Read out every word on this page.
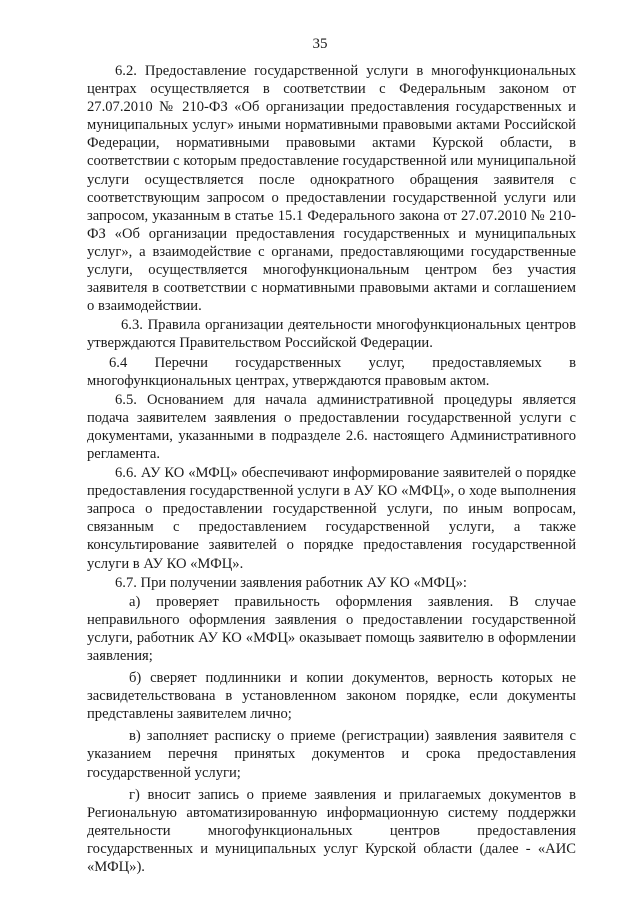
35

6.2. Предоставление государственной услуги в многофункциональных центрах осуществляется в соответствии с Федеральным законом от 27.07.2010 № 210-ФЗ «Об организации предоставления государственных и муниципальных услуг» иными нормативными правовыми актами Российской Федерации, нормативными правовыми актами Курской области, в соответствии с которым предоставление государственной или муниципальной услуги осуществляется после однократного обращения заявителя с соответствующим запросом о предоставлении государственной услуги или запросом, указанным в статье 15.1 Федерального закона от 27.07.2010 № 210-ФЗ «Об организации предоставления государственных и муниципальных услуг», а взаимодействие с органами, предоставляющими государственные услуги, осуществляется многофункциональным центром без участия заявителя в соответствии с нормативными правовыми актами и соглашением о взаимодействии.

6.3. Правила организации деятельности многофункциональных центров утверждаются Правительством Российской Федерации.

6.4 Перечни государственных услуг, предоставляемых в многофункциональных центрах, утверждаются правовым актом.

6.5. Основанием для начала административной процедуры является подача заявителем заявления о предоставлении государственной услуги с документами, указанными в подразделе 2.6. настоящего Административного регламента.

6.6. АУ КО «МФЦ» обеспечивают информирование заявителей о порядке предоставления государственной услуги в АУ КО «МФЦ», о ходе выполнения запроса о предоставлении государственной услуги, по иным вопросам, связанным с предоставлением государственной услуги, а также консультирование заявителей о порядке предоставления государственной услуги в АУ КО «МФЦ».

6.7. При получении заявления работник АУ КО «МФЦ»:

а) проверяет правильность оформления заявления. В случае неправильного оформления заявления о предоставлении государственной услуги, работник АУ КО «МФЦ» оказывает помощь заявителю в оформлении заявления;

б) сверяет подлинники и копии документов, верность которых не засвидетельствована в установленном законом порядке, если документы представлены заявителем лично;

в) заполняет расписку о приеме (регистрации) заявления заявителя с указанием перечня принятых документов и срока предоставления государственной услуги;

г) вносит запись о приеме заявления и прилагаемых документов в Региональную автоматизированную информационную систему поддержки деятельности многофункциональных центров предоставления государственных и муниципальных услуг Курской области (далее - «АИС «МФЦ»).
